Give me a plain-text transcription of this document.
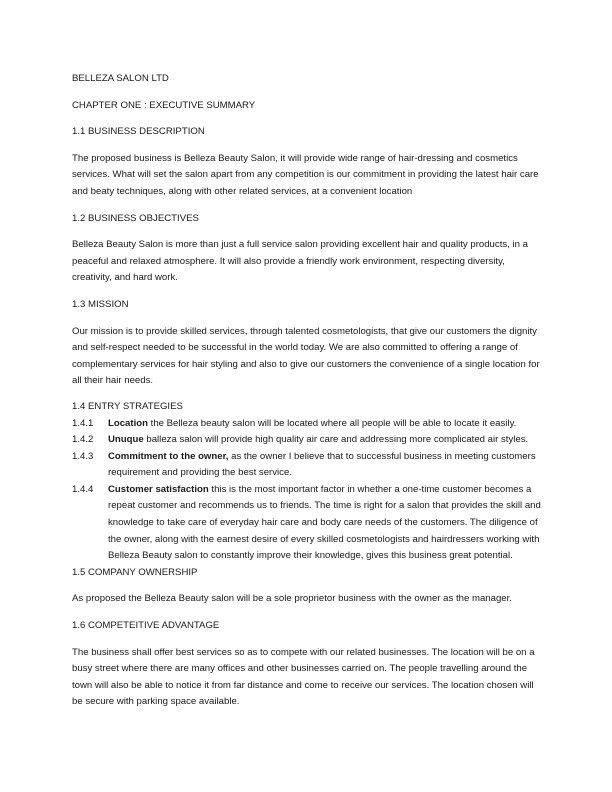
BELLEZA SALON LTD

CHAPTER ONE : EXECUTIVE SUMMARY

1.1 BUSINESS DESCRIPTION

The proposed business is Belleza Beauty Salon, it will provide wide range of hair-dressing and cosmetics services. What will set the salon apart from any competition is our commitment in providing the latest hair care and beaty techniques, along with other related services, at a convenient location

1.2 BUSINESS OBJECTIVES

Belleza Beauty Salon is more than just a full service salon providing excellent hair and quality products, in a peaceful and relaxed atmosphere. It will also provide a friendly work environment, respecting diversity, creativity, and hard work.

1.3 MISSION

Our mission is to provide skilled services, through talented cosmetologists, that give our customers the dignity and self-respect needed to be successful in the world today. We are also committed to offering a range of complementary services for hair styling and also to give our customers the convenience of a single location for all their hair needs.

1.4 ENTRY STRATEGIES

1.4.1	Location the Belleza beauty salon will be located where all people will be able to locate it easily.
1.4.2	Unuque balleza salon will provide high quality air care and addressing more complicated air styles.
1.4.3	Commitment to the owner, as the owner I believe that to successful business in meeting customers requirement and providing the best service.
1.4.4	Customer satisfaction this is the most important factor in whether a one-time customer becomes a repeat customer and recommends us to friends. The time is right for a salon that provides the skill and knowledge to take care of everyday hair care and body care needs of the customers. The diligence of the owner, along with the earnest desire of every skilled cosmetologists and hairdressers working with Belleza Beauty salon to constantly improve their knowledge, gives this business great potential.

1.5 COMPANY OWNERSHIP

As proposed the Belleza Beauty salon will be a sole proprietor business with the owner as the manager.

1.6 COMPETEITIVE ADVANTAGE

The business shall offer best services so as to compete with our related businesses. The location will be on a busy street where there are many offices and other businesses carried on. The people travelling around the town will also be able to notice it from far distance and come to receive our services. The location chosen will be secure with parking space available.
